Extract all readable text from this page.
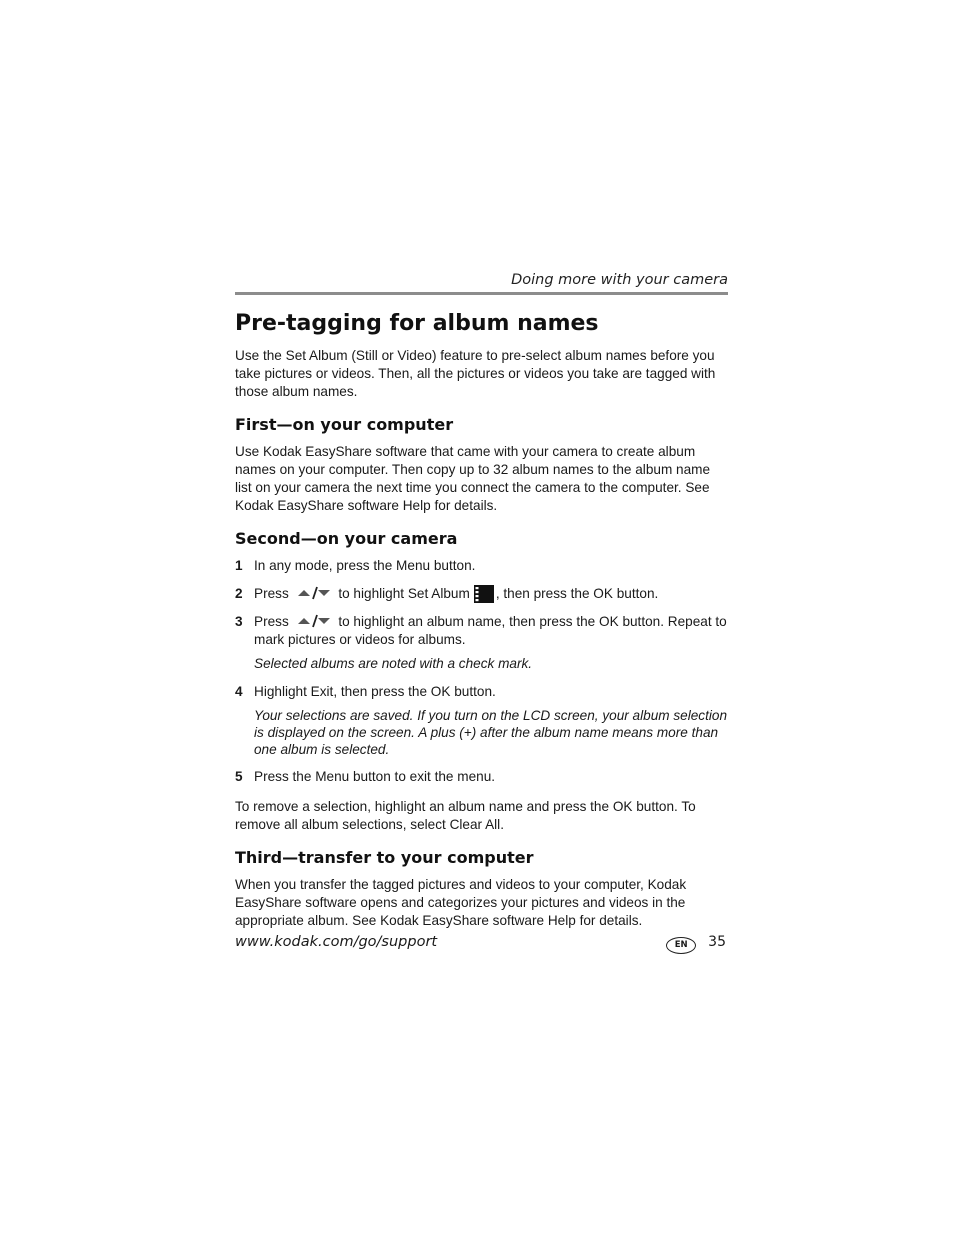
Doing more with your camera
Pre-tagging for album names

Use the Set Album (Still or Video) feature to pre-select album names before you take pictures or videos. Then, all the pictures or videos you take are tagged with those album names.

First—on your computer

Use Kodak EasyShare software that came with your camera to create album names on your computer. Then copy up to 32 album names to the album name list on your camera the next time you connect the camera to the computer. See Kodak EasyShare software Help for details.

Second—on your camera
1 In any mode, press the Menu button.
2 Press	to highlight Set Album , then press the OK button.
3 Press	to highlight an album name, then press the OK button. Repeat to mark pictures or videos for albums.
Selected albums are noted with a check mark.
4 Highlight Exit, then press the OK button.
Your selections are saved. If you turn on the LCD screen, your album selection is displayed on the screen. A plus (+) after the album name means more than one album is selected.
5 Press the Menu button to exit the menu.

To remove a selection, highlight an album name and press the OK button. To remove all album selections, select Clear All.

Third—transfer to your computer

When you transfer the tagged pictures and videos to your computer, Kodak EasyShare software opens and categorizes your pictures and videos in the appropriate album. See Kodak EasyShare software Help for details.

www.kodak.com/go/support	EN 35
